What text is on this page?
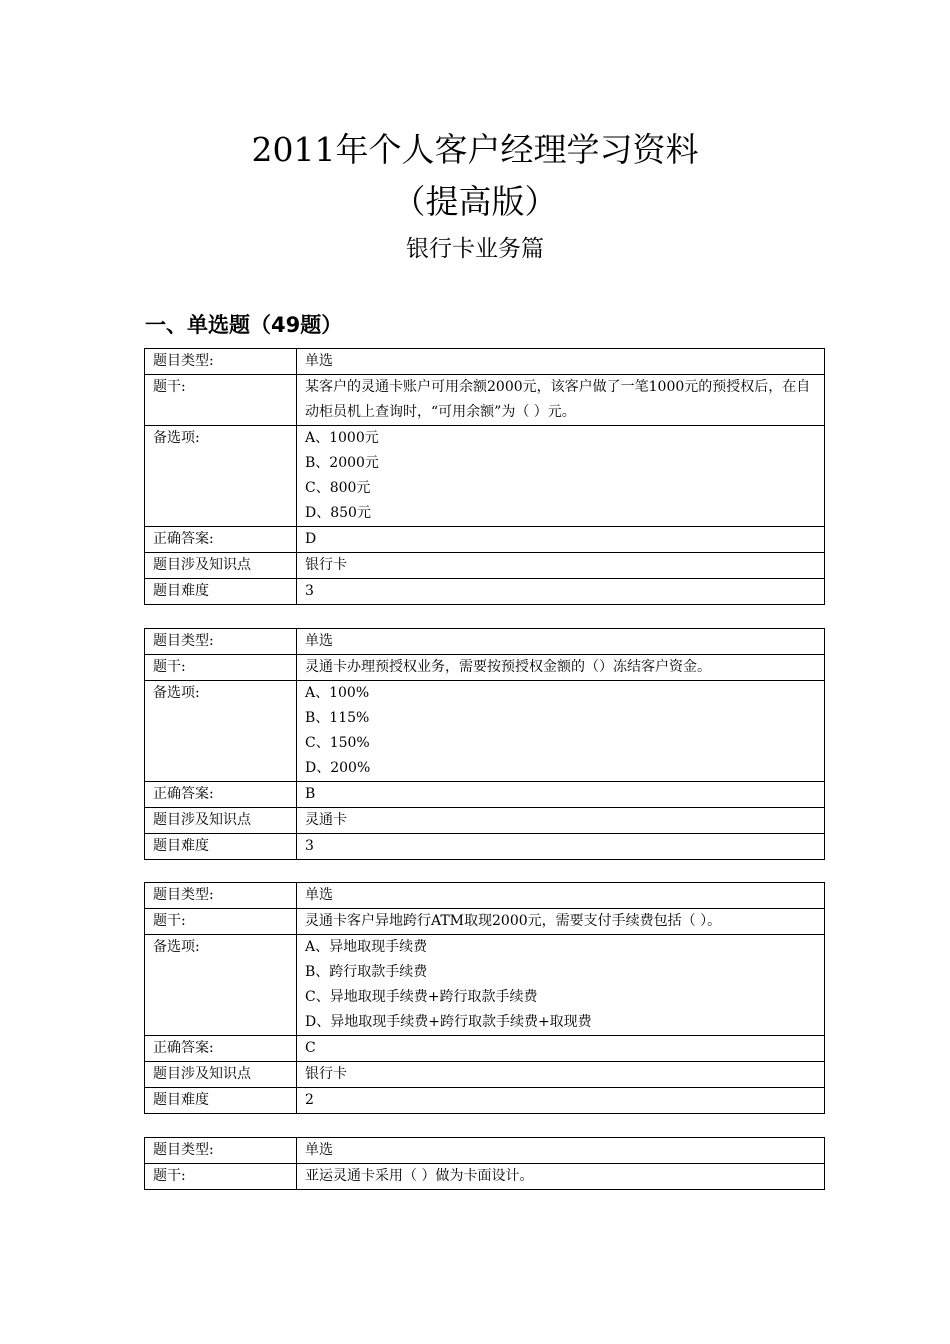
2011年个人客户经理学习资料
（提高版）
银行卡业务篇
一、单选题（49题）
题目类型:	单选
题干:	某客户的灵通卡账户可用余额2000元，该客户做了一笔1000元的预授权后，在自动柜员机上查询时，“可用余额”为（ ）元。
备选项:	A、1000元
B、2000元
C、800元
D、850元

正确答案:	D
题目涉及知识点	银行卡
题目难度	3
题目类型:	单选
题干:	灵通卡办理预授权业务，需要按预授权金额的（）冻结客户资金。
备选项:	A、100%
B、115%
C、150%
D、200%

正确答案:	B
题目涉及知识点	灵通卡
题目难度	3
题目类型:	单选
题干:	灵通卡客户异地跨行ATM取现2000元，需要支付手续费包括（ ）。
备选项:	A、异地取现手续费
B、跨行取款手续费
C、异地取现手续费+跨行取款手续费
D、异地取现手续费+跨行取款手续费+取现费

正确答案:	C
题目涉及知识点	银行卡
题目难度	2
题目类型:	单选
题干:	亚运灵通卡采用（ ）做为卡面设计。
